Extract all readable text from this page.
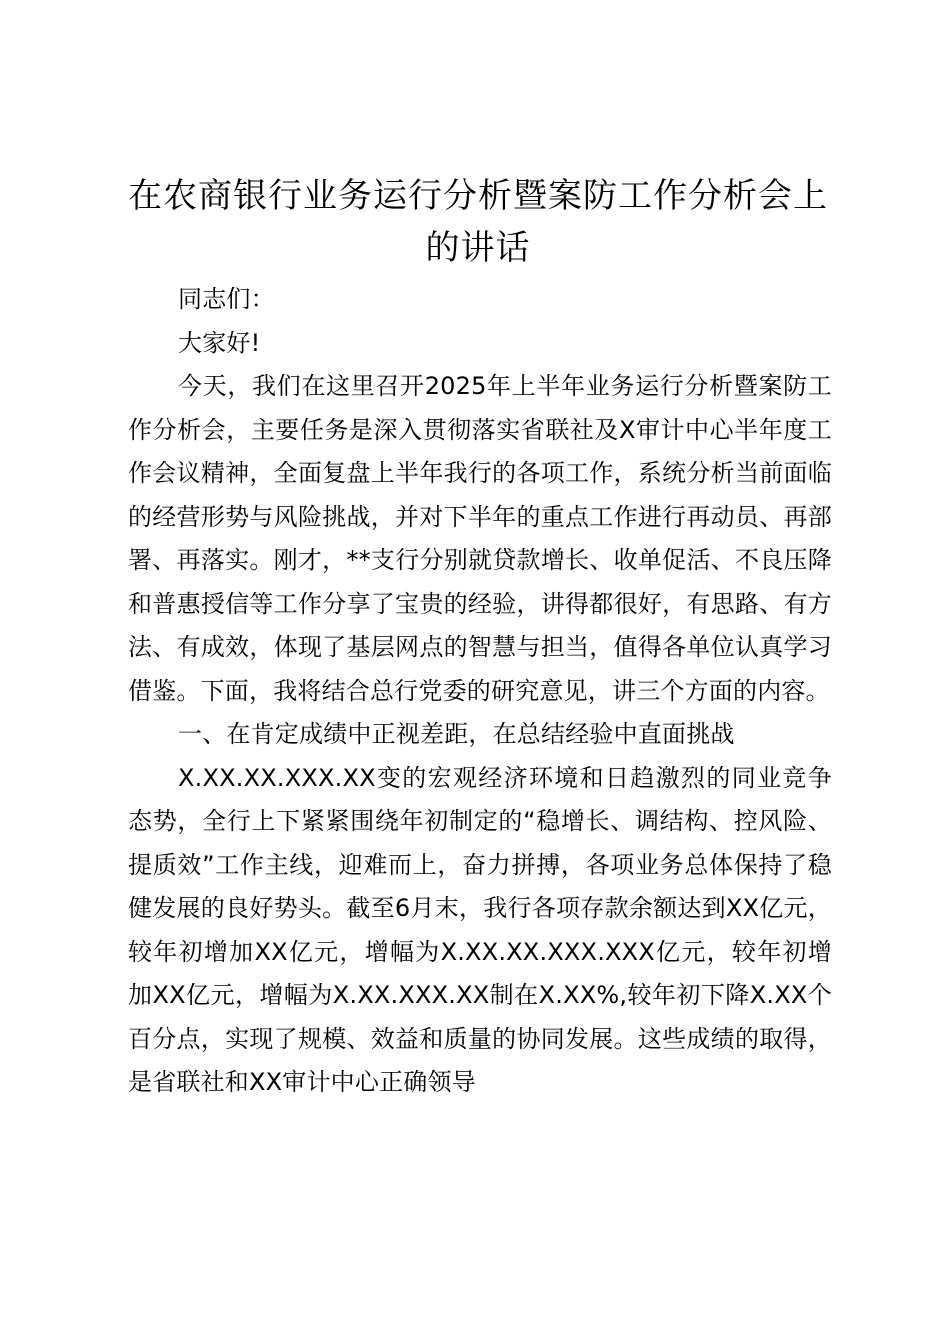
在农商银行业务运行分析暨案防工作分析会上
的讲话

同志们：

大家好!

今天，我们在这里召开2025年上半年业务运行分析暨案防工作分析会，主要任务是深入贯彻落实省联社及X审计中心半年度工作会议精神，全面复盘上半年我行的各项工作，系统分析当前面临的经营形势与风险挑战，并对下半年的重点工作进行再动员、再部署、再落实。刚才，**支行分别就贷款增长、收单促活、不良压降和普惠授信等工作分享了宝贵的经验，讲得都很好，有思路、有方法、有成效，体现了基层网点的智慧与担当，值得各单位认真学习借鉴。下面，我将结合总行党委的研究意见，讲三个方面的内容。

一、在肯定成绩中正视差距，在总结经验中直面挑战

X.XX.XX.XXX.XX变的宏观经济环境和日趋激烈的同业竞争态势，全行上下紧紧围绕年初制定的“稳增长、调结构、控风险、提质效”工作主线，迎难而上，奋力拼搏，各项业务总体保持了稳健发展的良好势头。截至6月末，我行各项存款余额达到XX亿元，较年初增加XX亿元，增幅为X.XX.XX.XXX.XXX亿元，较年初增加XX亿元，增幅为X.XX.XXX.XX制在X.XX%,较年初下降X.XX个百分点，实现了规模、效益和质量的协同发展。这些成绩的取得，是省联社和XX审计中心正确领导
